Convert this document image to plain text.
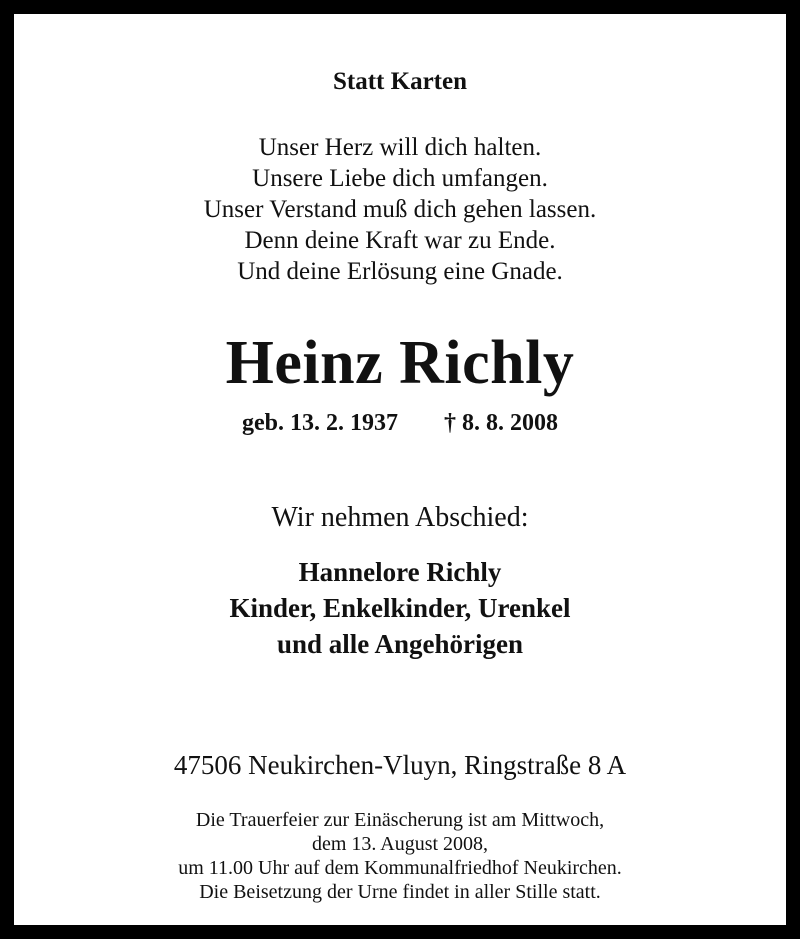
Statt Karten
Unser Herz will dich halten.
Unsere Liebe dich umfangen.
Unser Verstand muß dich gehen lassen.
Denn deine Kraft war zu Ende.
Und deine Erlösung eine Gnade.
Heinz Richly
geb. 13. 2. 1937 † 8. 8. 2008
Wir nehmen Abschied:
Hannelore Richly
Kinder, Enkelkinder, Urenkel
und alle Angehörigen
47506 Neukirchen-Vluyn, Ringstraße 8 A
Die Trauerfeier zur Einäscherung ist am Mittwoch,
dem 13. August 2008,
um 11.00 Uhr auf dem Kommunalfriedhof Neukirchen.
Die Beisetzung der Urne findet in aller Stille statt.
